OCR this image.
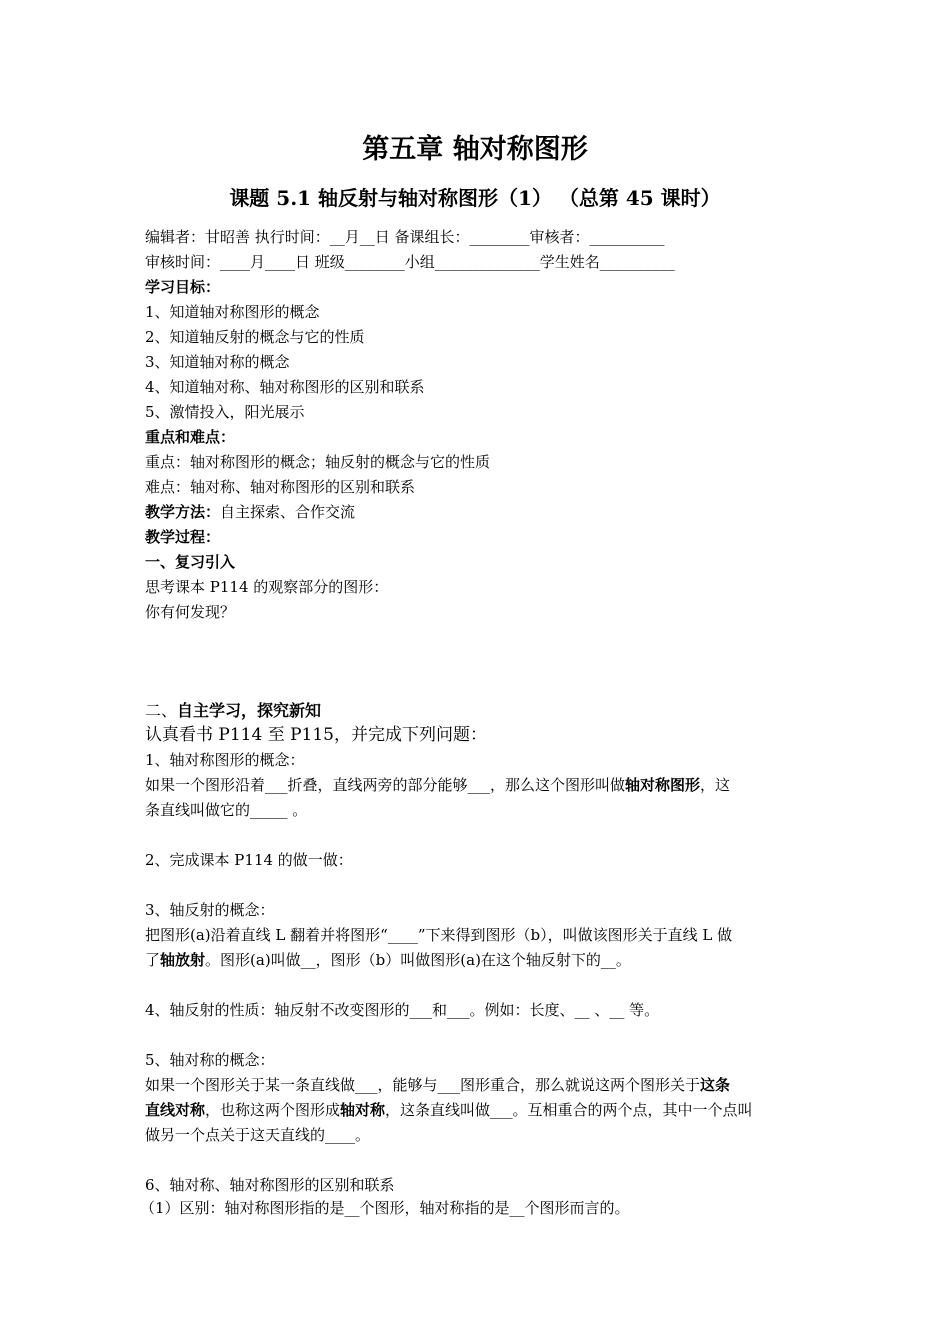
第五章 轴对称图形
课题 5.1 轴反射与轴对称图形（1） （总第 45 课时）
编辑者：甘昭善 执行时间：__月__日 备课组长：________审核者：__________
审核时间：____月____日 班级________小组______________学生姓名__________
学习目标：
1、知道轴对称图形的概念
2、知道轴反射的概念与它的性质
3、知道轴对称的概念
4、知道轴对称、轴对称图形的区别和联系
5、激情投入，阳光展示
重点和难点：
重点：轴对称图形的概念；轴反射的概念与它的性质
难点：轴对称、轴对称图形的区别和联系
教学方法：自主探索、合作交流
教学过程：
一、复习引入
思考课本 P114 的观察部分的图形：
你有何发现？
二、自主学习，探究新知
认真看书 P114 至 P115，并完成下列问题：
1、轴对称图形的概念：
如果一个图形沿着___折叠，直线两旁的部分能够___，那么这个图形叫做轴对称图形，这
条直线叫做它的_____ 。
2、完成课本 P114 的做一做：
3、轴反射的概念：
把图形(a)沿着直线 L 翻着并将图形“____”下来得到图形（b），叫做该图形关于直线 L 做
了轴放射。图形(a)叫做__，图形（b）叫做图形(a)在这个轴反射下的__。
4、轴反射的性质：轴反射不改变图形的___和___。例如：长度、__ 、__ 等。
5、轴对称的概念：
如果一个图形关于某一条直线做___，能够与___图形重合，那么就说这两个图形关于这条
直线对称，也称这两个图形成轴对称，这条直线叫做___。互相重合的两个点，其中一个点叫
做另一个点关于这天直线的____。
6、轴对称、轴对称图形的区别和联系
（1）区别：轴对称图形指的是__个图形，轴对称指的是__个图形而言的。
